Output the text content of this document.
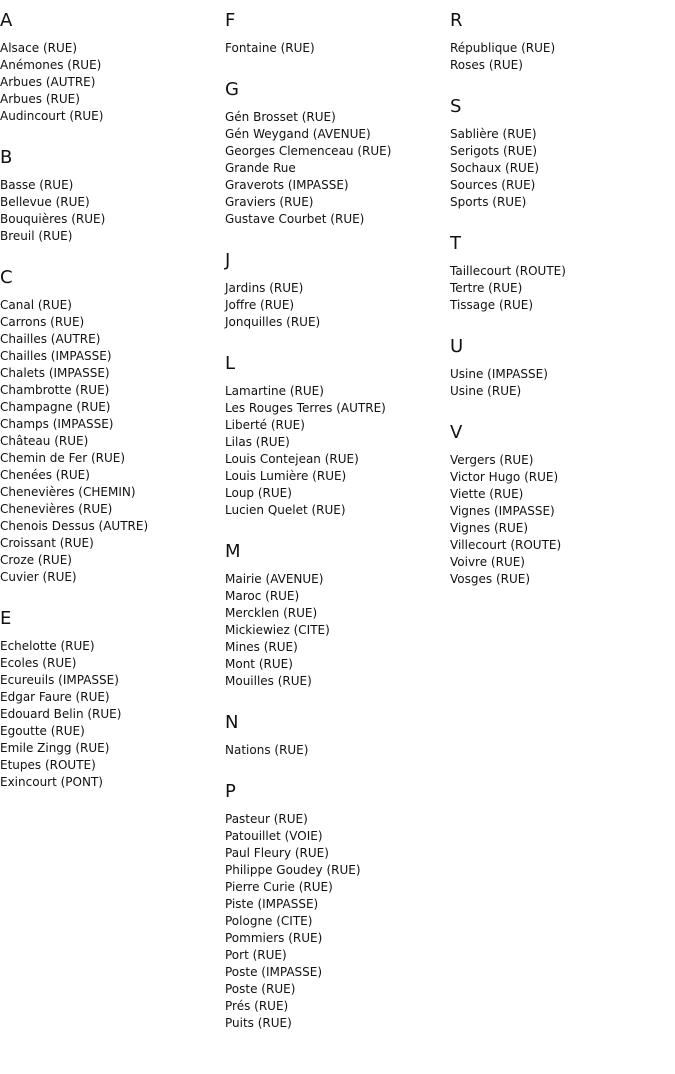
A
Alsace (RUE)
Anémones (RUE)
Arbues (AUTRE)
Arbues (RUE)
Audincourt (RUE)
B
Basse (RUE)
Bellevue (RUE)
Bouquières (RUE)
Breuil (RUE)
C
Canal (RUE)
Carrons (RUE)
Chailles (AUTRE)
Chailles (IMPASSE)
Chalets (IMPASSE)
Chambrotte (RUE)
Champagne (RUE)
Champs (IMPASSE)
Château (RUE)
Chemin de Fer (RUE)
Chenées (RUE)
Chenevières (CHEMIN)
Chenevières (RUE)
Chenois Dessus (AUTRE)
Croissant (RUE)
Croze (RUE)
Cuvier (RUE)
E
Echelotte (RUE)
Ecoles (RUE)
Ecureuils (IMPASSE)
Edgar Faure (RUE)
Edouard Belin (RUE)
Egoutte (RUE)
Emile Zingg (RUE)
Etupes (ROUTE)
Exincourt (PONT)
F
Fontaine (RUE)
G
Gén Brosset (RUE)
Gén Weygand (AVENUE)
Georges Clemenceau (RUE)
Grande Rue
Graverots (IMPASSE)
Graviers (RUE)
Gustave Courbet (RUE)
J
Jardins (RUE)
Joffre (RUE)
Jonquilles (RUE)
L
Lamartine (RUE)
Les Rouges Terres (AUTRE)
Liberté (RUE)
Lilas (RUE)
Louis Contejean (RUE)
Louis Lumière (RUE)
Loup (RUE)
Lucien Quelet (RUE)
M
Mairie (AVENUE)
Maroc (RUE)
Mercklen (RUE)
Mickiewiez (CITE)
Mines (RUE)
Mont (RUE)
Mouilles (RUE)
N
Nations (RUE)
P
Pasteur (RUE)
Patouillet (VOIE)
Paul Fleury (RUE)
Philippe Goudey (RUE)
Pierre Curie (RUE)
Piste (IMPASSE)
Pologne (CITE)
Pommiers (RUE)
Port (RUE)
Poste (IMPASSE)
Poste (RUE)
Prés (RUE)
Puits (RUE)
R
République (RUE)
Roses (RUE)
S
Sablière (RUE)
Serigots (RUE)
Sochaux (RUE)
Sources (RUE)
Sports (RUE)
T
Taillecourt (ROUTE)
Tertre (RUE)
Tissage (RUE)
U
Usine (IMPASSE)
Usine (RUE)
V
Vergers (RUE)
Victor Hugo (RUE)
Viette (RUE)
Vignes (IMPASSE)
Vignes (RUE)
Villecourt (ROUTE)
Voivre (RUE)
Vosges (RUE)
